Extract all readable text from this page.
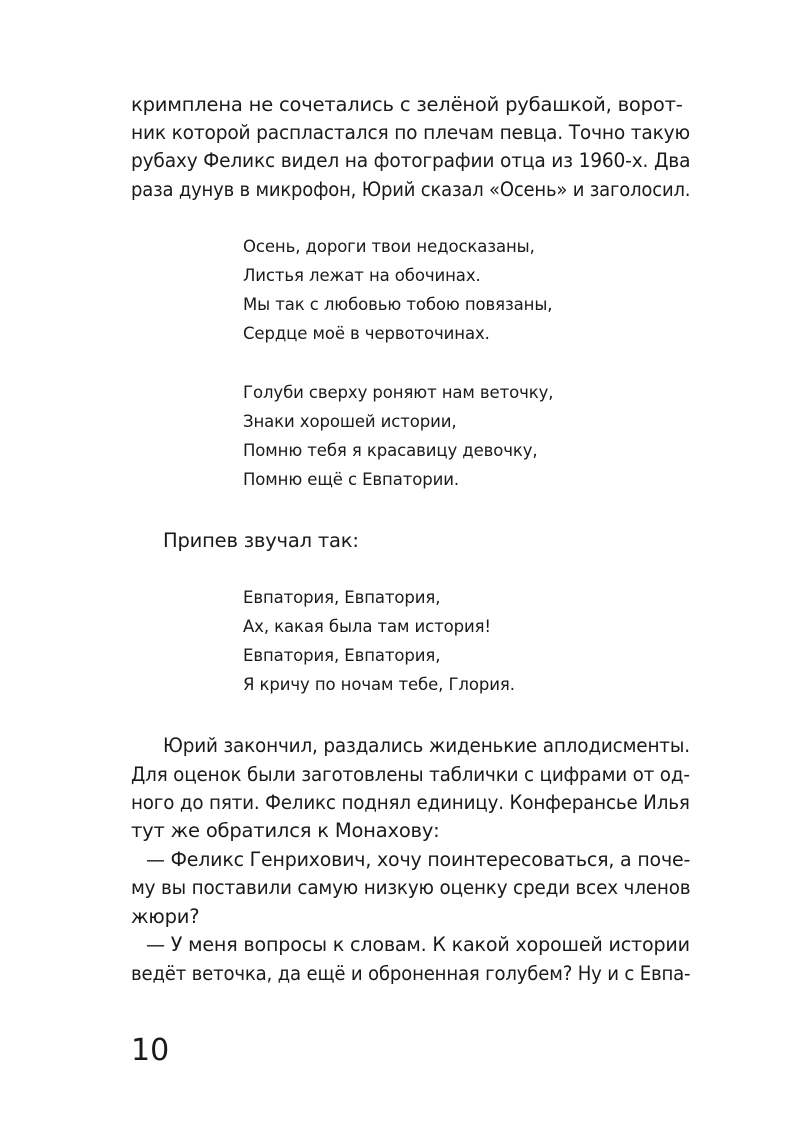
кримплена не сочетались с зелёной рубашкой, ворот-

ник которой распластался по плечам певца. Точно такую

рубаху Феликс видел на фотографии отца из 1960-х. Два

раза дунув в микрофон, Юрий сказал «Осень» и заголосил.

Осень, дороги твои недосказаны,

Листья лежат на обочинах.

Мы так с любовью тобою повязаны,

Сердце моё в червоточинах.

Голуби сверху роняют нам веточку,

Знаки хорошей истории,

Помню тебя я красавицу девочку,

Помню ещё с Евпатории.

Припев звучал так:

Евпатория, Евпатория,

Ах, какая была там история!

Евпатория, Евпатория,

Я кричу по ночам тебе, Глория.

Юрий закончил, раздались жиденькие аплодисменты.

Для оценок были заготовлены таблички с цифрами от од-

ного до пяти. Феликс поднял единицу. Конферансье Илья

тут же обратился к Монахову:

— Феликс Генрихович, хочу поинтересоваться, а поче-

му вы поставили самую низкую оценку среди всех членов

жюри?

— У меня вопросы к словам. К какой хорошей истории

ведёт веточка, да ещё и оброненная голубем? Ну и с Евпа-

10
